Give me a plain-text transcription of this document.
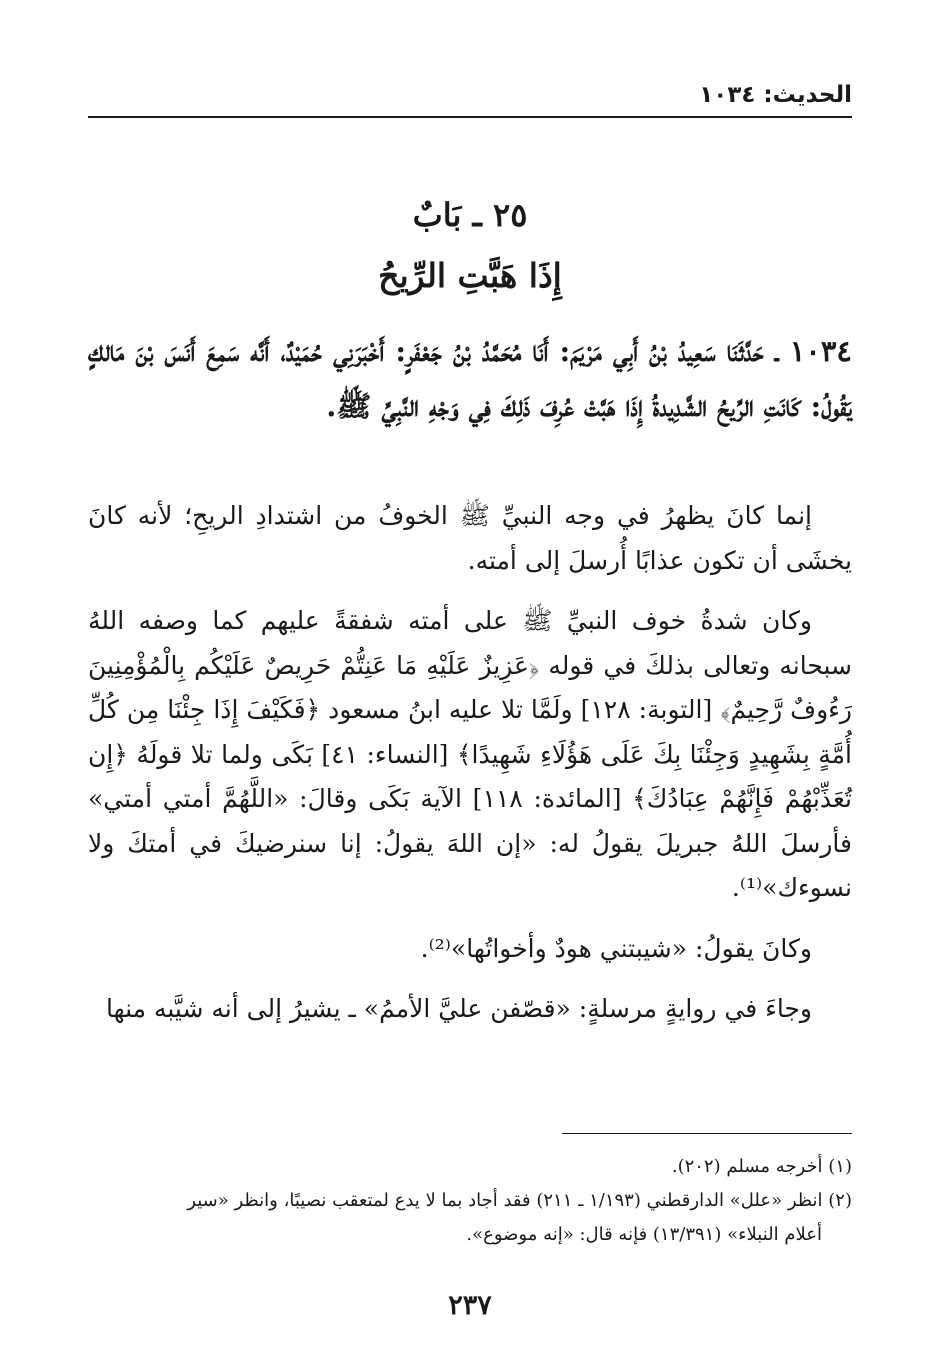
الحديث: ١٠٣٤
٢٥ ـ بَابٌ
إِذَا هَبَّتِ الرِّيحُ
١٠٣٤ ـ حَدَّثَنَا سَعِيدُ بْنُ أَبِي مَرْيَمَ: أَنَا مُحَمَّدُ بْنُ جَعْفَرٍ: أَخْبَرَنِي حُمَيْدٌ، أَنَّه سَمِعَ أَنَسَ بْنَ مَالكٍ يَقُولُ: كَانَتِ الرِّيحُ الشَّدِيدةُ إِذَا هَبَّتْ عُرِفَ ذَلِكَ فِي وَجْهِ النَّبِيِّ ﷺ.

إنما كانَ يظهرُ في وجه النبيِّ ﷺ الخوفُ من اشتدادِ الريحِ؛ لأنه كانَ يخشَى أن تكون عذابًا أُرسلَ إلى أمته.

وكان شدةُ خوف النبيِّ ﷺ على أمته شفقةً عليهم كما وصفه اللهُ سبحانه وتعالى بذلكَ في قوله ﴿عَزِيزٌ عَلَيْهِ مَا عَنِتُّمْ حَرِيصٌ عَلَيْكُم بِالْمُؤْمِنِينَ رَءُوفٌ رَّحِيمٌ﴾ [التوبة: ١٢٨] ولَمَّا تلا عليه ابنُ مسعود ﴿فَكَيْفَ إِذَا جِئْنَا مِن كُلِّ أُمَّةٍ بِشَهِيدٍ وَجِئْنَا بِكَ عَلَى هَؤُلَاءِ شَهِيدًا﴾ [النساء: ٤١] بَكَى ولما تلا قولَهُ ﴿إِن تُعَذِّبْهُمْ فَإِنَّهُمْ عِبَادُكَ﴾ [المائدة: ١١٨] الآية بَكَى وقالَ: «اللَّهُمَّ أمتي أمتي» فأرسلَ اللهُ جبريلَ يقولُ له: «إن اللهَ يقولُ: إنا سنرضيكَ في أمتكَ ولا نسوءك»⁽¹⁾.

وكانَ يقولُ: «شيبتني هودٌ وأخواتُها»⁽²⁾.

وجاءَ في روايةٍ مرسلةٍ: «قصّفن عليَّ الأممُ» ـ يشيرُ إلى أنه شيَّبه منها

(١) أخرجه مسلم (٢٠٢).

(٢) انظر «علل» الدارقطني (١/١٩٣ ـ ٢١١) فقد أجاد بما لا يدع لمتعقب نصيبًا، وانظر «سير

أعلام النبلاء» (١٣/٣٩١) فإنه قال: «إنه موضوع».

٢٣٧
